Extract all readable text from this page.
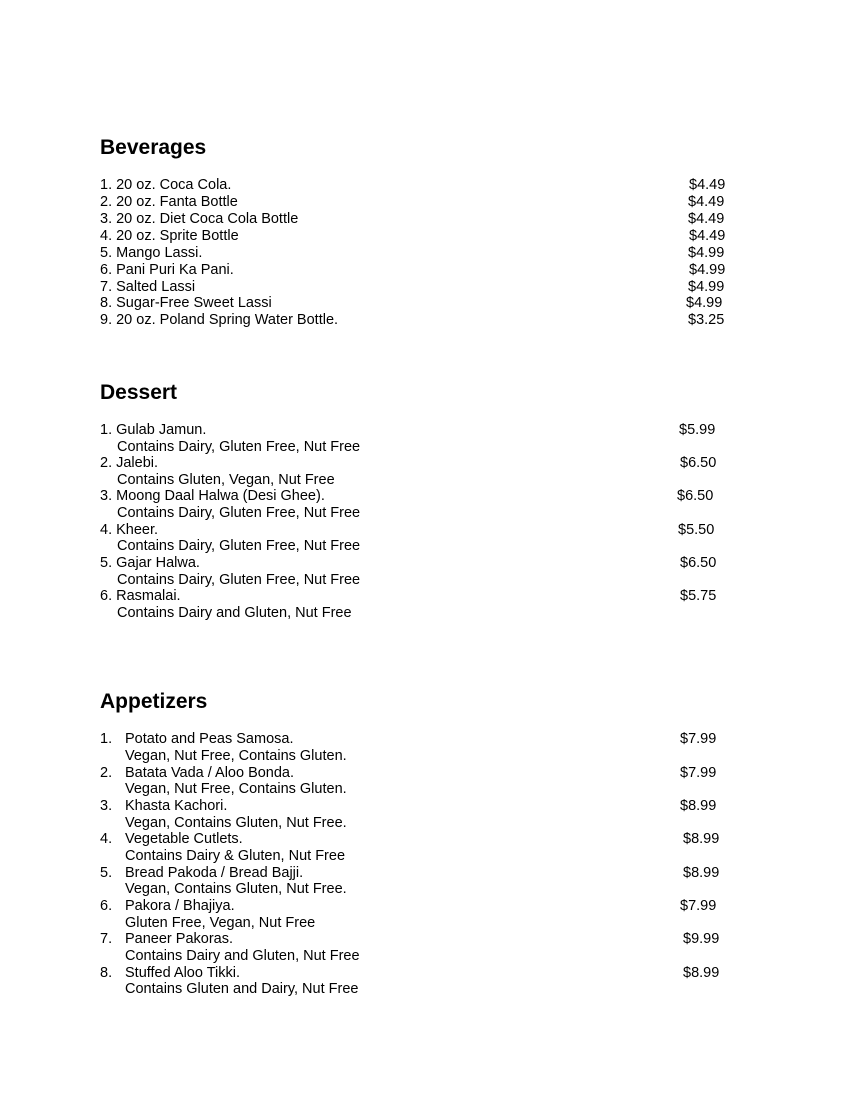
Beverages
1. 20 oz. Coca Cola.	$4.49
2. 20 oz. Fanta Bottle	$4.49
3. 20 oz. Diet Coca Cola Bottle	$4.49
4. 20 oz. Sprite Bottle	$4.49
5. Mango Lassi.	$4.99
6. Pani Puri Ka Pani.	$4.99
7. Salted Lassi	$4.99
8. Sugar-Free Sweet Lassi	$4.99
9. 20 oz. Poland Spring Water Bottle.	$3.25
Dessert
1. Gulab Jamun.	$5.99
Contains Dairy, Gluten Free, Nut Free
2. Jalebi.	$6.50
Contains Gluten, Vegan, Nut Free
3. Moong Daal Halwa (Desi Ghee).	$6.50
Contains Dairy, Gluten Free, Nut Free
4. Kheer.	$5.50
Contains Dairy, Gluten Free, Nut Free
5. Gajar Halwa.	$6.50
Contains Dairy, Gluten Free, Nut Free
6. Rasmalai.	$5.75
Contains Dairy and Gluten, Nut Free
Appetizers
1. Potato and Peas Samosa.	$7.99
Vegan, Nut Free, Contains Gluten.
2. Batata Vada / Aloo Bonda.	$7.99
Vegan, Nut Free, Contains Gluten.
3. Khasta Kachori.	$8.99
Vegan, Contains Gluten, Nut Free.
4. Vegetable Cutlets.	$8.99
Contains Dairy & Gluten, Nut Free
5. Bread Pakoda / Bread Bajji.	$8.99
Vegan, Contains Gluten, Nut Free.
6. Pakora / Bhajiya.	$7.99
Gluten Free, Vegan, Nut Free
7. Paneer Pakoras.	$9.99
Contains Dairy and Gluten, Nut Free
8. Stuffed Aloo Tikki.	$8.99
Contains Gluten and Dairy, Nut Free
